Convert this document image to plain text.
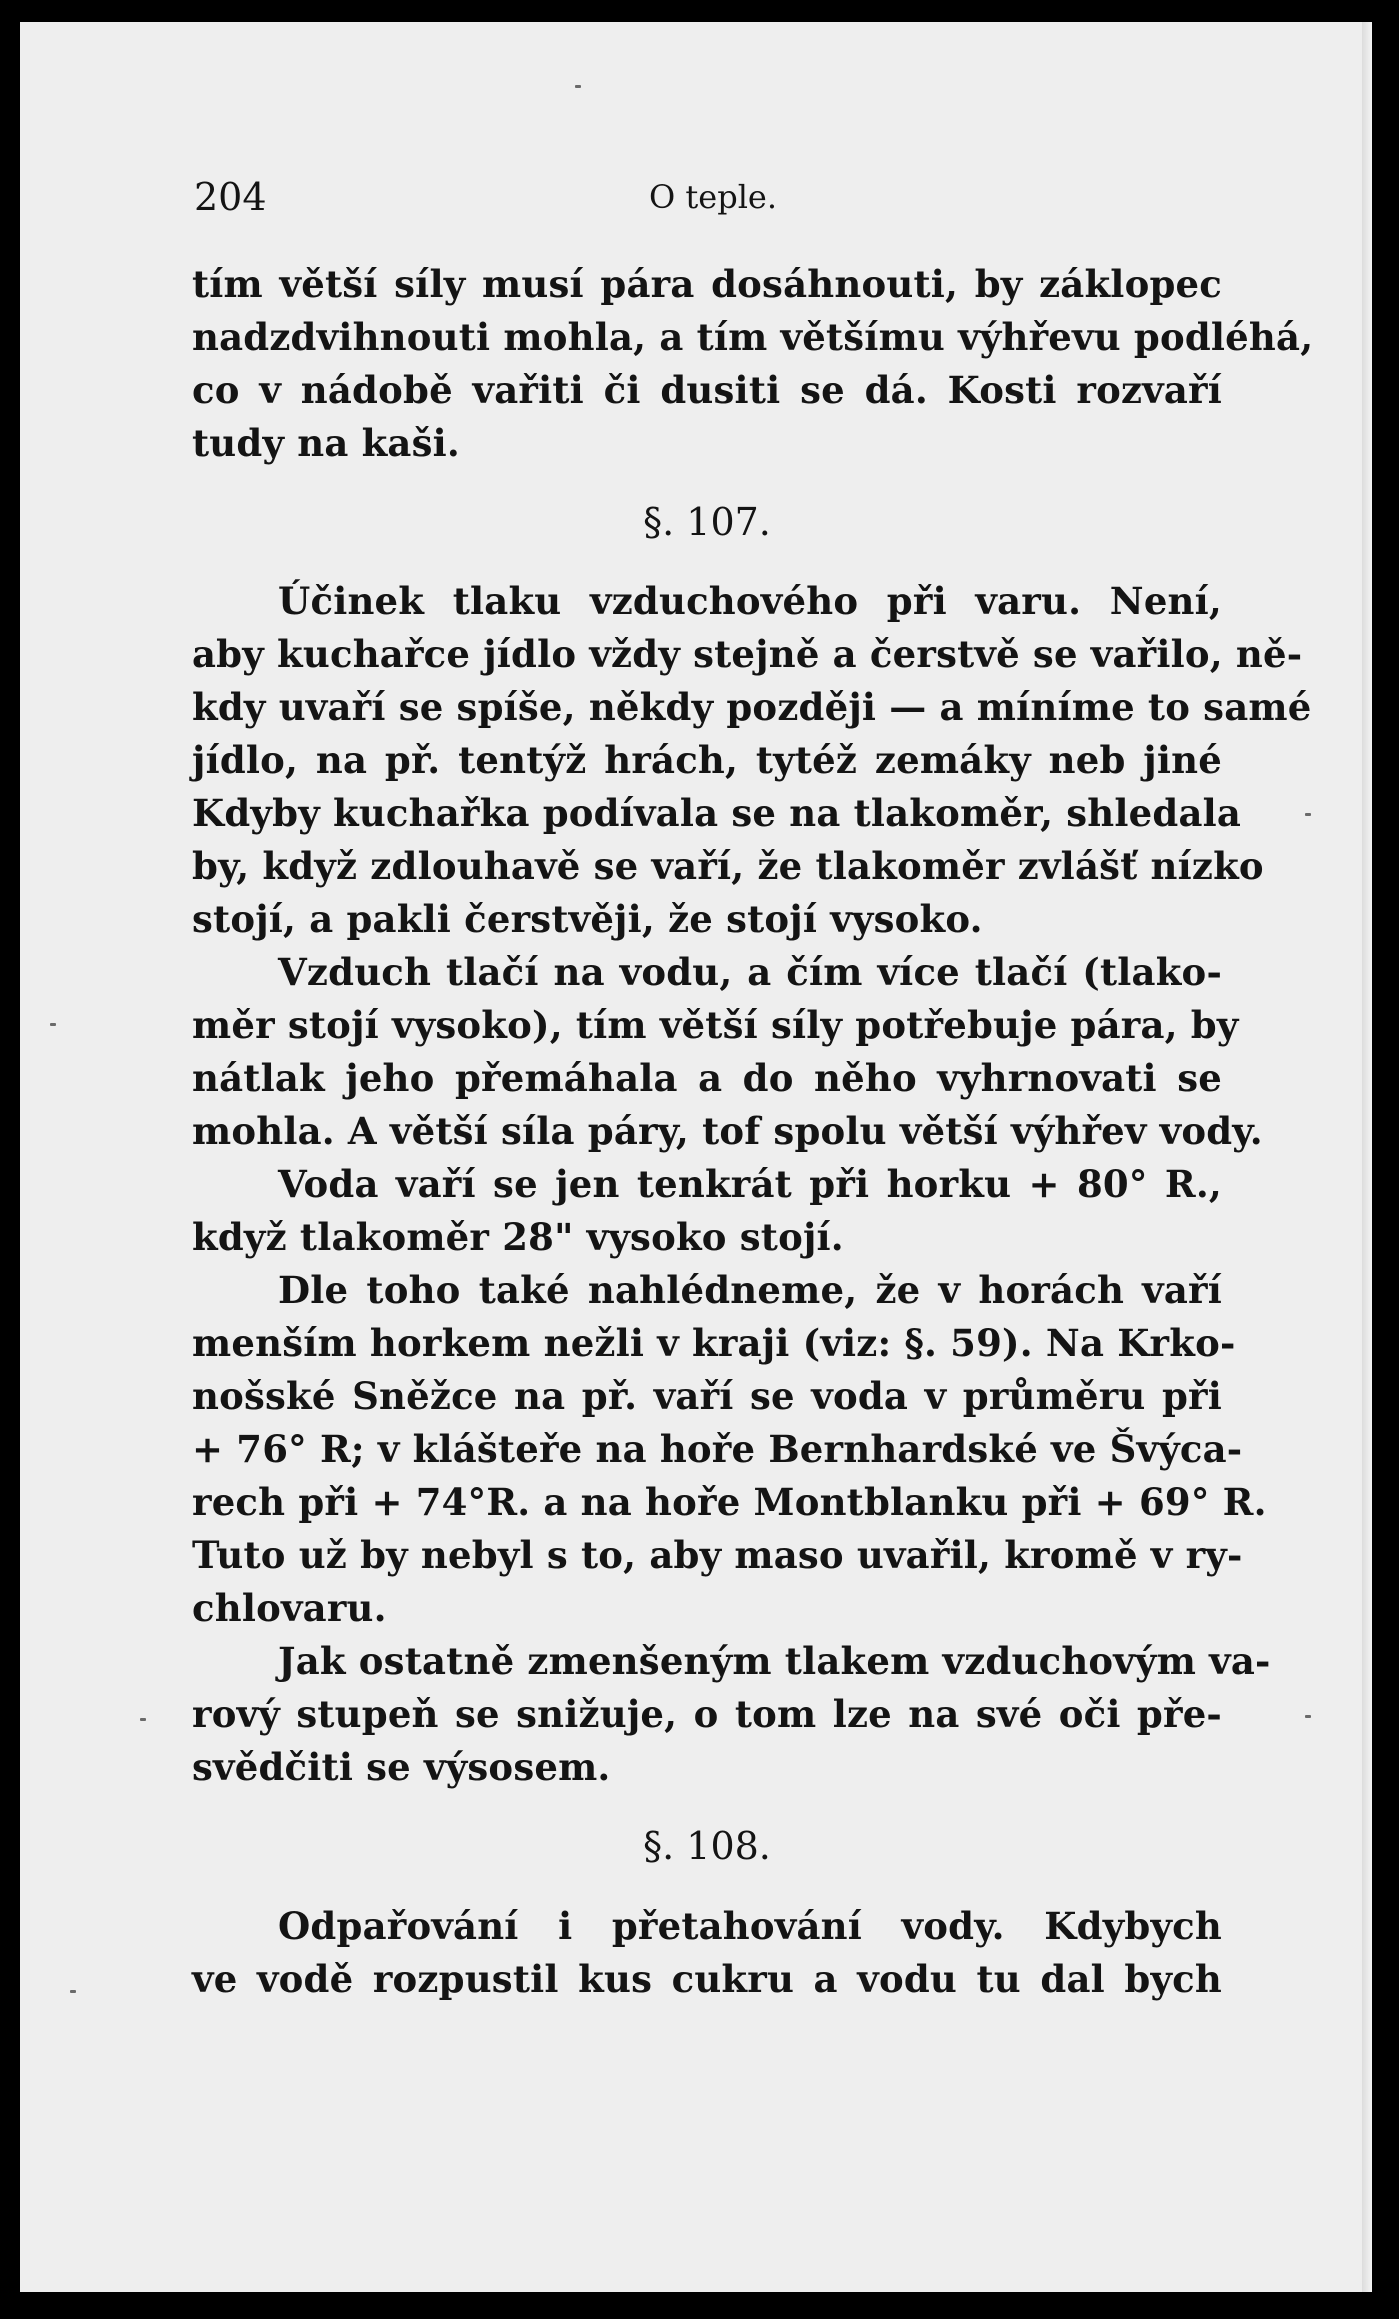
204	O teple.
tím větší síly musí pára dosáhnouti, by záklopec
nadzdvihnouti mohla, a tím většímu výhřevu podléhá,
co v nádobě vařiti či dusiti se dá. Kosti rozvaří
tudy na kaši.
§. 107.
Účinek tlaku vzduchového při varu. Není,
aby kuchařce jídlo vždy stejně a čerstvě se vařilo, ně-
kdy uvaří se spíše, někdy později — a míníme to samé
jídlo, na př. tentýž hrách, tytéž zemáky neb jiné
Kdyby kuchařka podívala se na tlakoměr, shledala
by, když zdlouhavě se vaří, že tlakoměr zvlášť nízko
stojí, a pakli čerstvěji, že stojí vysoko.
Vzduch tlačí na vodu, a čím více tlačí (tlako-
měr stojí vysoko), tím větší síly potřebuje pára, by
nátlak jeho přemáhala a do něho vyhrnovati se
mohla. A větší síla páry, tof spolu větší výhřev vody.
Voda vaří se jen tenkrát při horku + 80° R.,
když tlakoměr 28" vysoko stojí.
Dle toho také nahlédneme, že v horách vaří
menším horkem nežli v kraji (viz: §. 59). Na Krko-
nošské Sněžce na př. vaří se voda v průměru při
+ 76° R; v klášteře na hoře Bernhardské ve Švýca-
rech při + 74°R. a na hoře Montblanku při + 69° R.
Tuto už by nebyl s to, aby maso uvařil, kromě v ry-
chlovaru.
Jak ostatně zmenšeným tlakem vzduchovým va-
rový stupeň se snižuje, o tom lze na své oči pře-
svědčiti se výsosem.
§. 108.
Odpařování i přetahování vody. Kdybych
ve vodě rozpustil kus cukru a vodu tu dal bych
